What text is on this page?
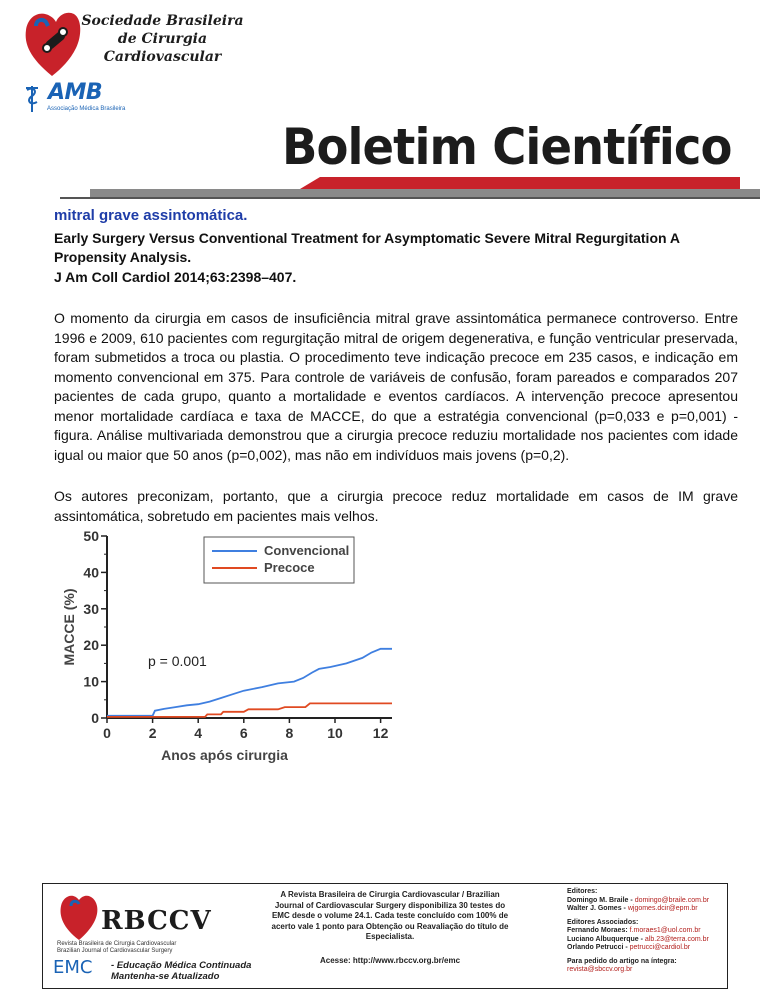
Sociedade Brasileira
de Cirurgia
Cardiovascular
AMB
Associação Médica Brasileira
Boletim Científico

mitral grave assintomática.

Early Surgery Versus Conventional Treatment for Asymptomatic Severe Mitral Regurgitation A Propensity Analysis.

J Am Coll Cardiol 2014;63:2398–407.

O momento da cirurgia em casos de insuficiência mitral grave assintomática permanece controverso. Entre 1996 e 2009, 610 pacientes com regurgitação mitral de origem degenerativa, e função ventricular preservada, foram submetidos a troca ou plastia. O procedimento teve indicação precoce em 235 casos, e indicação em momento convencional em 375. Para controle de variáveis de confusão, foram pareados e comparados 207 pacientes de cada grupo, quanto a mortalidade e eventos cardíacos. A intervenção precoce apresentou menor mortalidade cardíaca e taxa de MACCE, do que a estratégia convencional (p=0,033 e p=0,001) - figura. Análise multivariada demonstrou que a cirurgia precoce reduziu mortalidade nos pacientes com idade igual ou maior que 50 anos (p=0,002), mas não em indivíduos mais jovens (p=0,2).

Os autores preconizam, portanto, que a cirurgia precoce reduz mortalidade em casos de IM grave assintomática, sobretudo em pacientes mais velhos.

0
10
20
30
40
50
0	2	4	6	8 10 12
Anos após cirurgia
MACCE (%)
Convencional
Precoce
p = 0.001
RBCCV
Revista Brasileira de Cirurgia Cardiovascular Brazilian Journal of Cardiovascular Surgery
EMC - Educação Médica Continuada
Mantenha-se Atualizado
A Revista Brasileira de Cirurgia Cardiovascular / Brazilian Journal of Cardiovascular Surgery disponibiliza 30 testes do EMC desde o volume 24.1. Cada teste concluído com 100% de acerto vale 1 ponto para Obtenção ou Reavaliação do título de Especialista.
Acesse: http://www.rbccv.org.br/emc
Editores:
Domingo M. Braile - domingo@braile.com.br
Walter J. Gomes - wjgomes.dcir@epm.br
Editores Associados:
Fernando Moraes: f.moraes1@uol.com.br
Luciano Albuquerque - alb.23@terra.com.br
Orlando Petrucci - petrucci@cardiol.br
Para pedido do artigo na íntegra:
revista@sbccv.org.br
